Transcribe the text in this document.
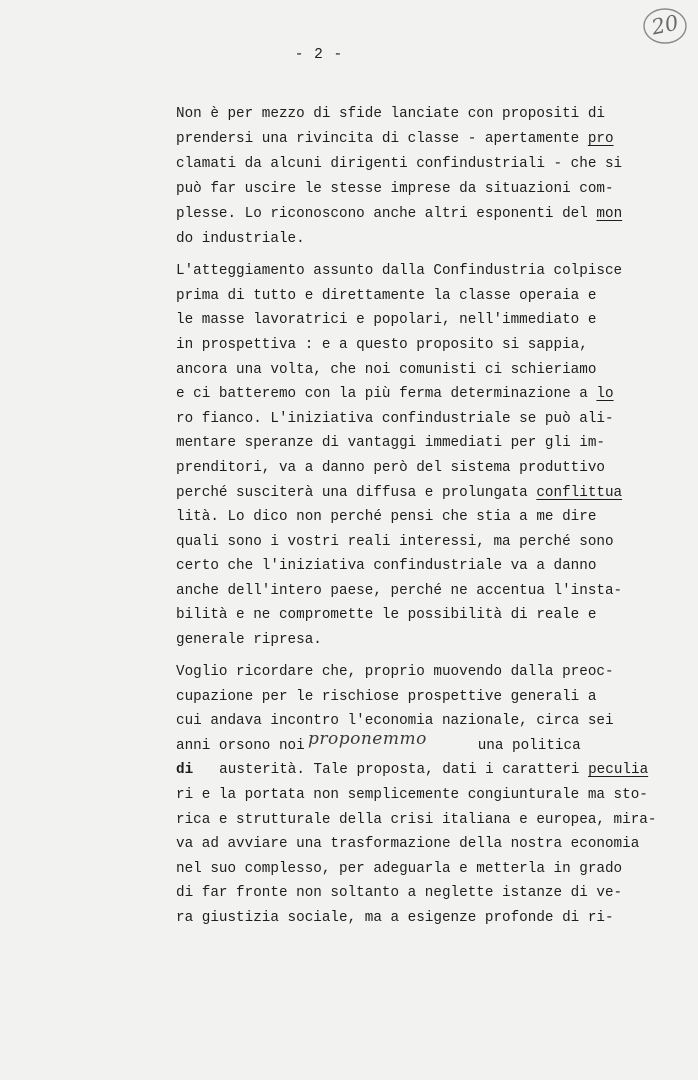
20
- 2 -
Non è per mezzo di sfide lanciate con propositi di
prendersi una rivincita di classe - apertamente pro
clamati da alcuni dirigenti confindustriali - che si
può far uscire le stesse imprese da situazioni com-
plesse. Lo riconoscono anche altri esponenti del mon
do industriale.
L'atteggiamento assunto dalla Confindustria colpisce
prima di tutto e direttamente la classe operaia e
le masse lavoratrici e popolari, nell'immediato e
in prospettiva : e a questo proposito si sappia,
ancora una volta, che noi comunisti ci schieriamo
e ci batteremo con la più ferma determinazione a lo
ro fianco. L'iniziativa confindustriale se può ali-
mentare speranze di vantaggi immediati per gli im-
prenditori, va a danno però del sistema produttivo
perché susciterà una diffusa e prolungata conflittua
lità. Lo dico non perché pensi che stia a me dire
quali sono i vostri reali interessi, ma perché sono
certo che l'iniziativa confindustriale va a danno
anche dell'intero paese, perché ne accentua l'insta-
bilità e ne compromette le possibilità di reale e
generale ripresa.
Voglio ricordare che, proprio muovendo dalla preoc-
cupazione per le rischiose prospettive generali a
cui andava incontro l'economia nazionale, circa sei
anni orsono noi	una politica
di austerità. Tale proposta, dati i caratteri peculia
ri e la portata non semplicemente congiunturale ma sto-
rica e strutturale della crisi italiana e europea, mira-
va ad avviare una trasformazione della nostra economia
nel suo complesso, per adeguarla e metterla in grado
di far fronte non soltanto a neglette istanze di ve-
ra giustizia sociale, ma a esigenze profonde di ri-
proponemmo
